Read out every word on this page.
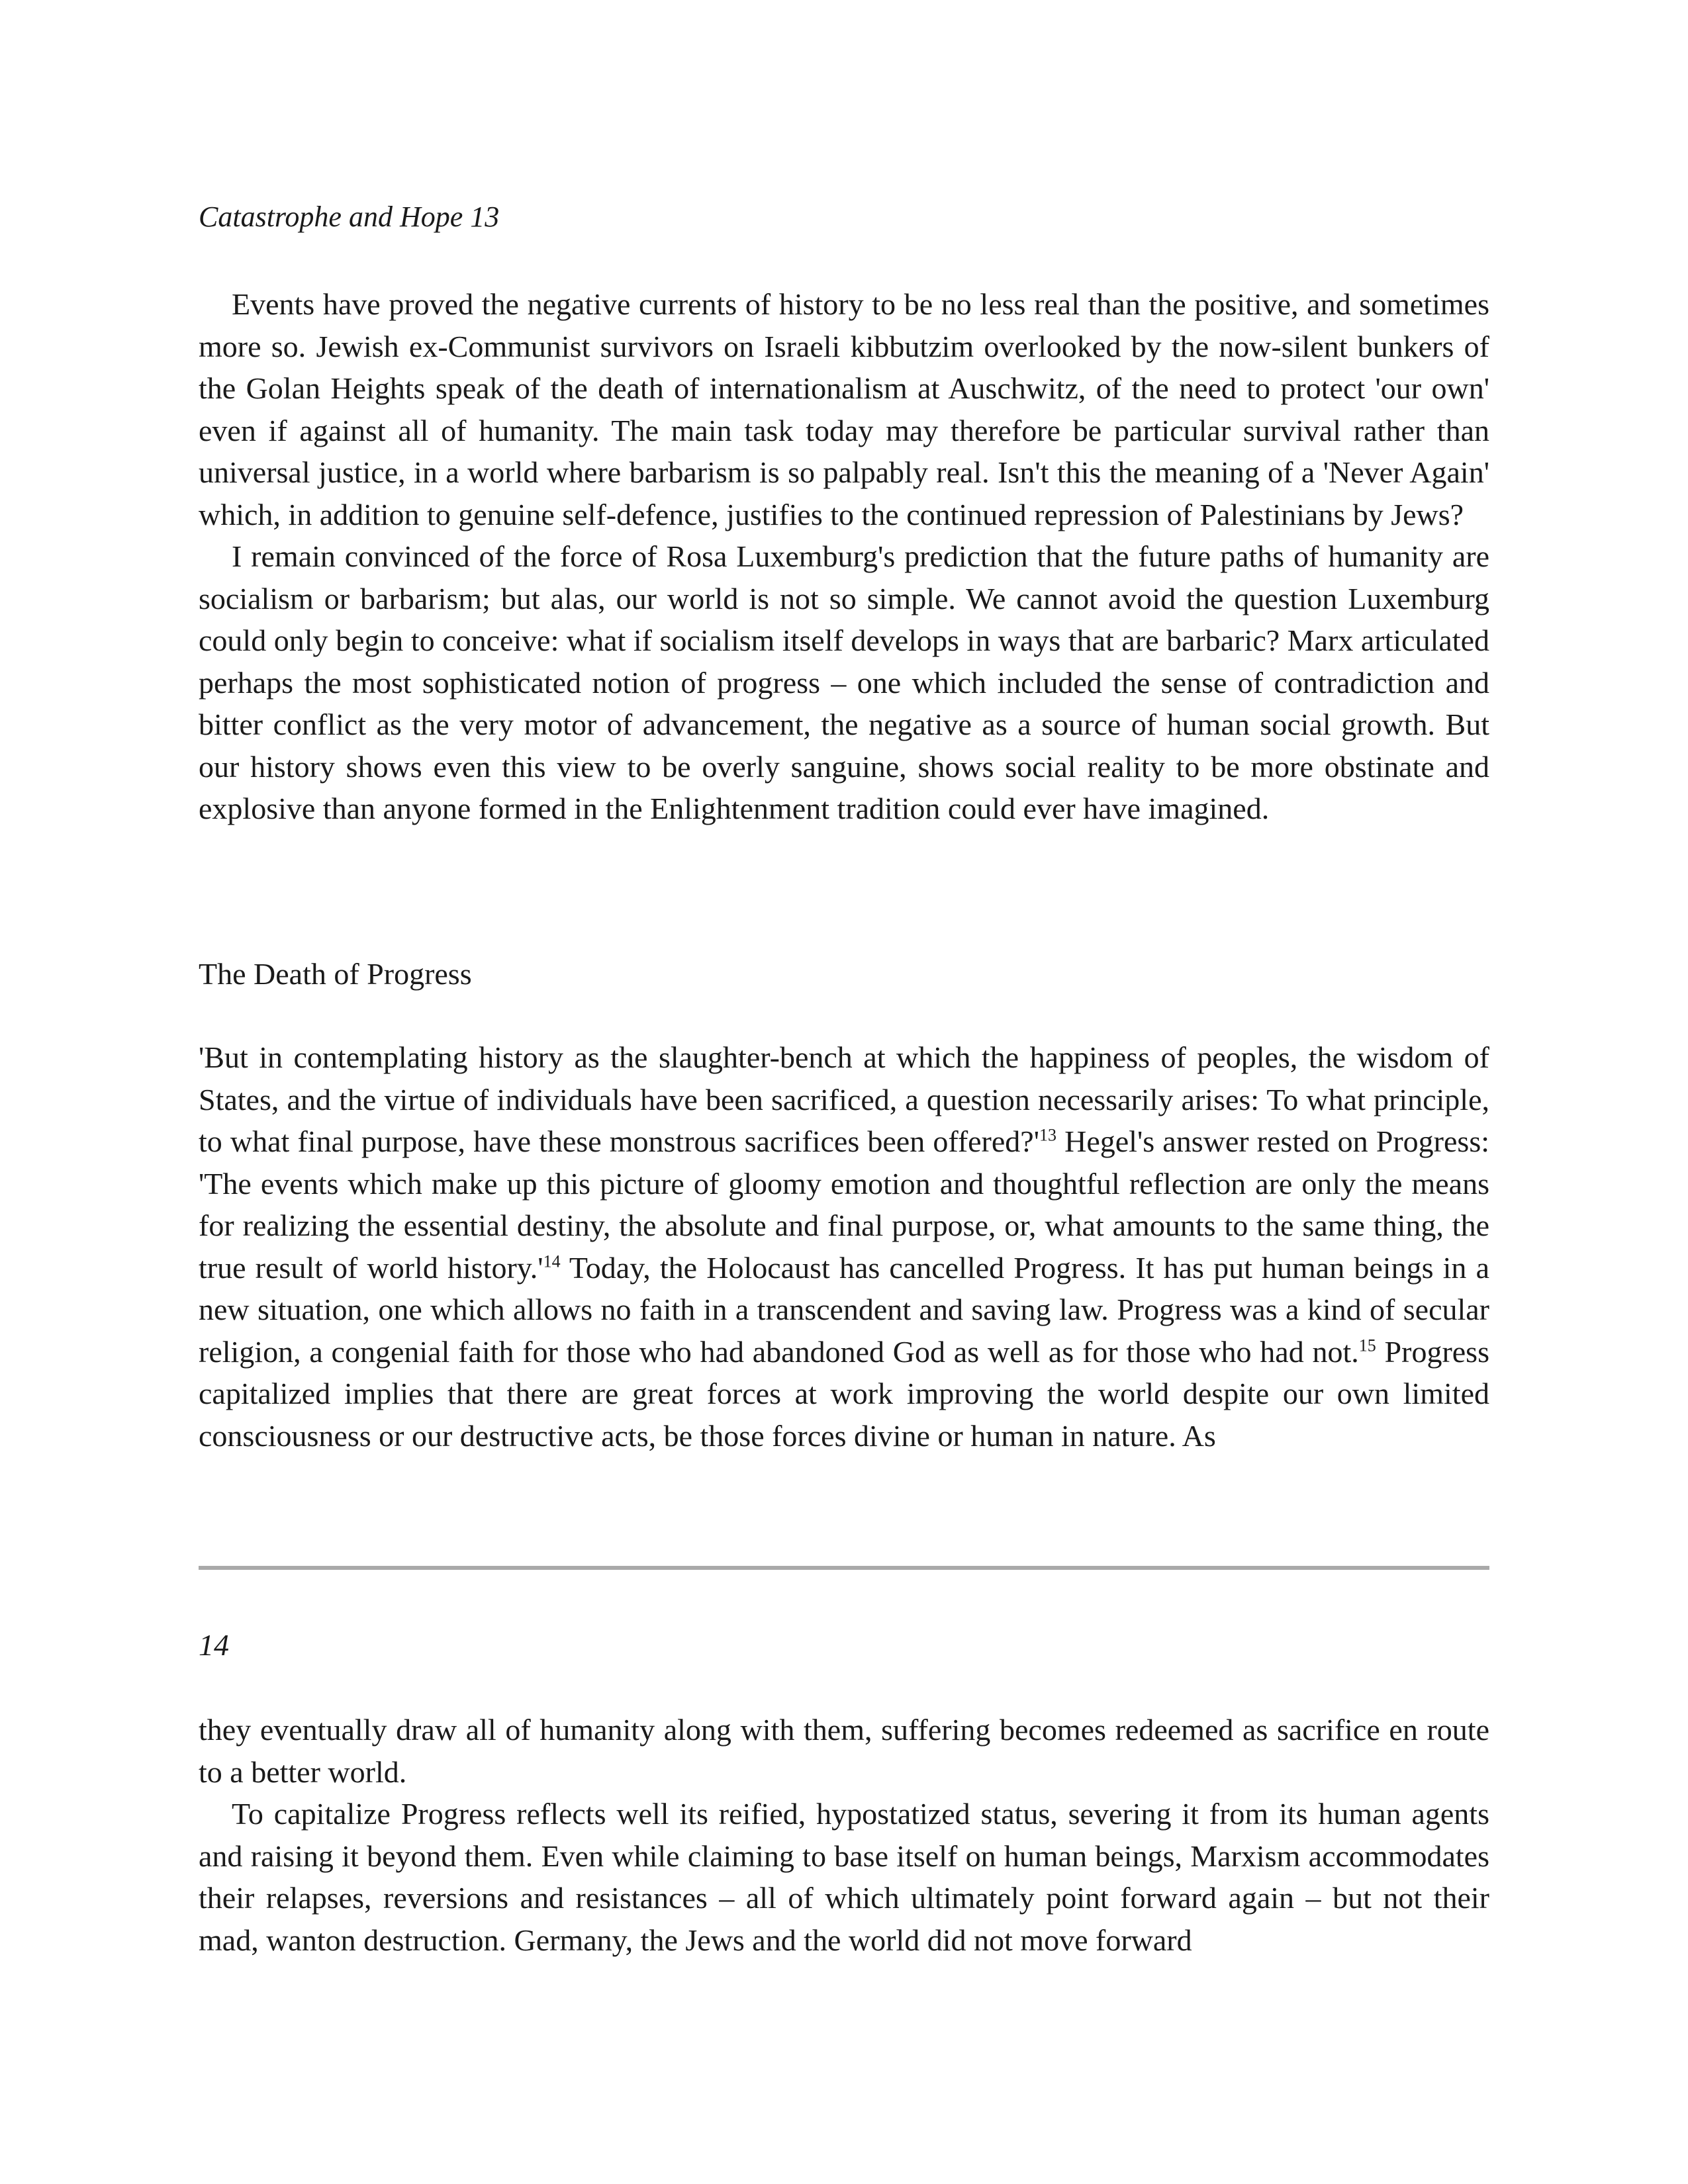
Catastrophe and Hope 13

Events have proved the negative currents of history to be no less real than the positive, and sometimes more so. Jewish ex-Communist survivors on Israeli kibbutzim overlooked by the now-silent bunkers of the Golan Heights speak of the death of internationalism at Auschwitz, of the need to protect 'our own' even if against all of humanity. The main task today may therefore be particular survival rather than universal justice, in a world where barbarism is so palpably real. Isn't this the meaning of a 'Never Again' which, in addition to genuine self-defence, justifies to the continued repression of Palestinians by Jews?

I remain convinced of the force of Rosa Luxemburg's prediction that the future paths of humanity are socialism or barbarism; but alas, our world is not so simple. We cannot avoid the question Luxemburg could only begin to conceive: what if socialism itself develops in ways that are barbaric? Marx articulated perhaps the most sophisticated notion of progress – one which included the sense of contradiction and bitter conflict as the very motor of advancement, the negative as a source of human social growth. But our history shows even this view to be overly sanguine, shows social reality to be more obstinate and explosive than anyone formed in the Enlightenment tradition could ever have imagined.

The Death of Progress

'But in contemplating history as the slaughter-bench at which the happiness of peoples, the wisdom of States, and the virtue of individuals have been sacrificed, a question necessarily arises: To what principle, to what final purpose, have these monstrous sacrifices been $offered?'^{13}$ Hegel's answer rested on Progress: 'The events which make up this picture of gloomy emotion and thoughtful reflection are only the means for realizing the essential destiny, the absolute and final purpose, or, what amounts to the same thing, the true result of world $history.'^{14}$ Today, the Holocaust has cancelled Progress. It has put human beings in a new situation, one which allows no faith in a transcendent and saving law. Progress was a kind of secular religion, a congenial faith for those who had abandoned God as well as for those who had not.$^{15}$ Progress capitalized implies that there are great forces at work improving the world despite our own limited consciousness or our destructive acts, be those forces divine or human in nature. As

14

they eventually draw all of humanity along with them, suffering becomes redeemed as sacrifice en route to a better world.

To capitalize Progress reflects well its reified, hypostatized status, severing it from its human agents and raising it beyond them. Even while claiming to base itself on human beings, Marxism accommodates their relapses, reversions and resistances – all of which ultimately point forward again – but not their mad, wanton destruction. Germany, the Jews and the world did not move forward
